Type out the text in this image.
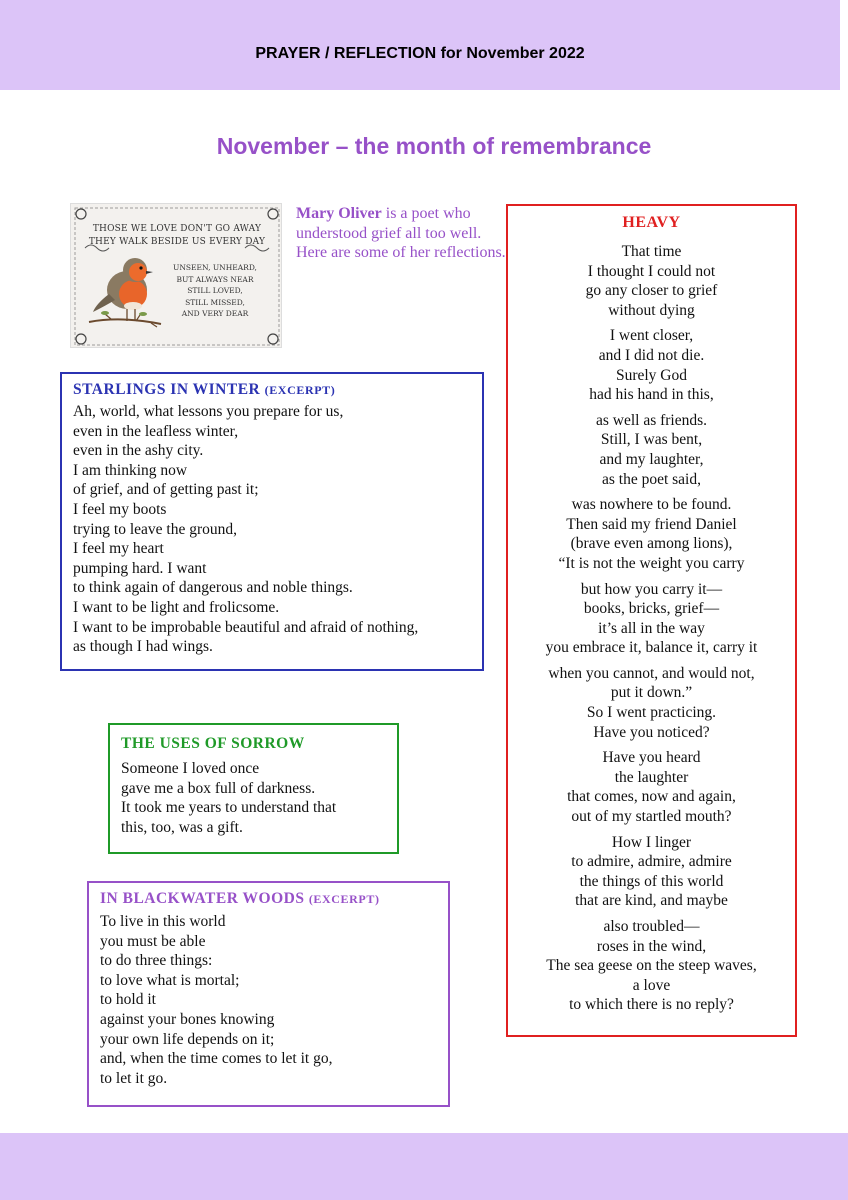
PRAYER / REFLECTION for November 2022
November – the month of remembrance
THOSE WE LOVE DON'T GO AWAY
THEY WALK BESIDE US EVERY DAY
UNSEEN, UNHEARD,
BUT ALWAYS NEAR
STILL LOVED,
STILL MISSED,
AND VERY DEAR
Mary Oliver is a poet who understood grief all too well. Here are some of her reflections.
STARLINGS IN WINTER (EXCERPT)
Ah, world, what lessons you prepare for us,
even in the leafless winter,
even in the ashy city.
I am thinking now
of grief, and of getting past it;
I feel my boots
trying to leave the ground,
I feel my heart
pumping hard. I want
to think again of dangerous and noble things.
I want to be light and frolicsome.
I want to be improbable beautiful and afraid of nothing,
as though I had wings.
THE USES OF SORROW
Someone I loved once
gave me a box full of darkness.
It took me years to understand that
this, too, was a gift.
IN BLACKWATER WOODS (EXCERPT)
To live in this world
you must be able
to do three things:
to love what is mortal;
to hold it
against your bones knowing
your own life depends on it;
and, when the time comes to let it go,
to let it go.
HEAVY
That time
I thought I could not
go any closer to grief
without dying
I went closer,
and I did not die.
Surely God
had his hand in this,
as well as friends.
Still, I was bent,
and my laughter,
as the poet said,
was nowhere to be found.
Then said my friend Daniel
(brave even among lions),
“It is not the weight you carry
but how you carry it—
books, bricks, grief—
it’s all in the way
you embrace it, balance it, carry it
when you cannot, and would not,
put it down.”
So I went practicing.
Have you noticed?
Have you heard
the laughter
that comes, now and again,
out of my startled mouth?
How I linger
to admire, admire, admire
the things of this world
that are kind, and maybe
also troubled—
roses in the wind,
The sea geese on the steep waves,
a love
to which there is no reply?
